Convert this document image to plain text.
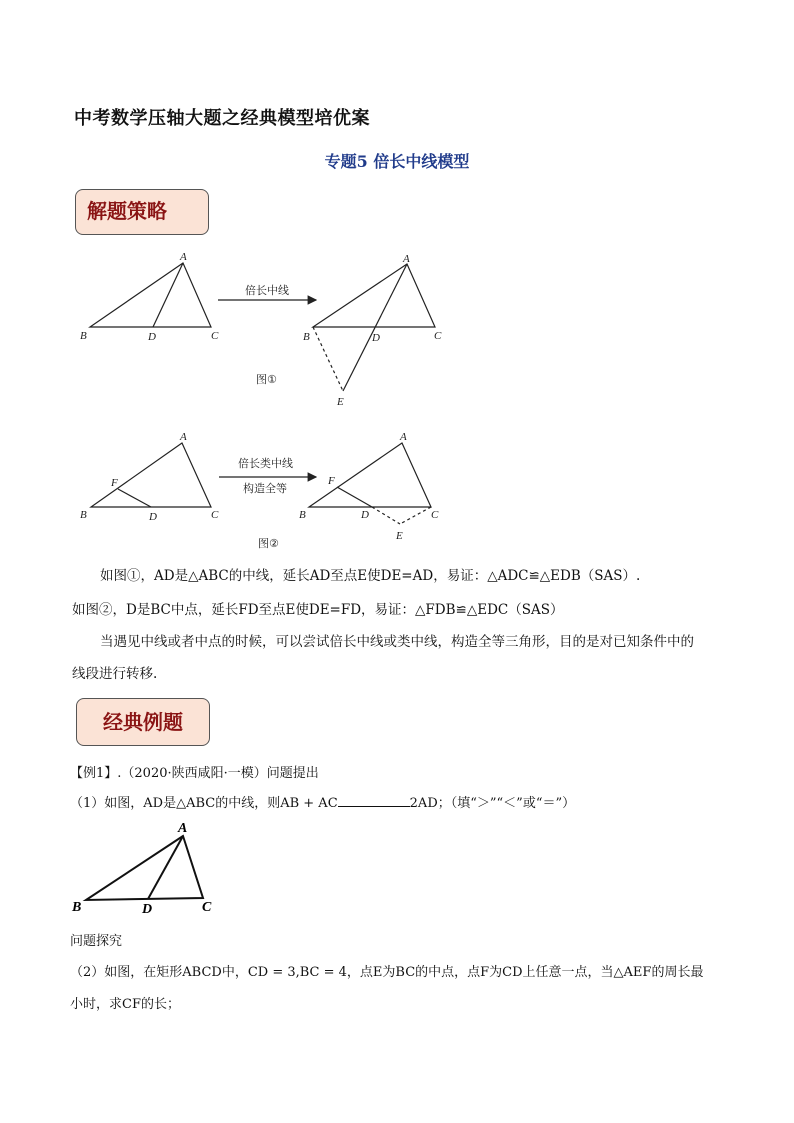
中考数学压轴大题之经典模型培优案
专题5 倍长中线模型
解题策略
A
B	D	C
倍长中线
A
B	D	C
E
图①
A
B
F
D	C
倍长类中线
构造全等
A
B
F
D	C
E
图②
A
B	D	C
如图①，AD是△ABC的中线，延长AD至点E使DE=AD，易证：△ADC≌△EDB（SAS）.
如图②，D是BC中点，延长FD至点E使DE=FD，易证：△FDB≌△EDC（SAS）
当遇见中线或者中点的时候，可以尝试倍长中线或类中线，构造全等三角形，目的是对已知条件中的
线段进行转移.
经典例题
【例1】.（2020·陕西咸阳·一模）问题提出
（1）如图，AD是△ABC的中线，则AB + AC	2AD；（填“＞”“＜”或“＝”）
问题探究
（2）如图，在矩形ABCD中，CD = 3,BC = 4，点E为BC的中点，点F为CD上任意一点，当△AEF的周长最
小时，求CF的长；
